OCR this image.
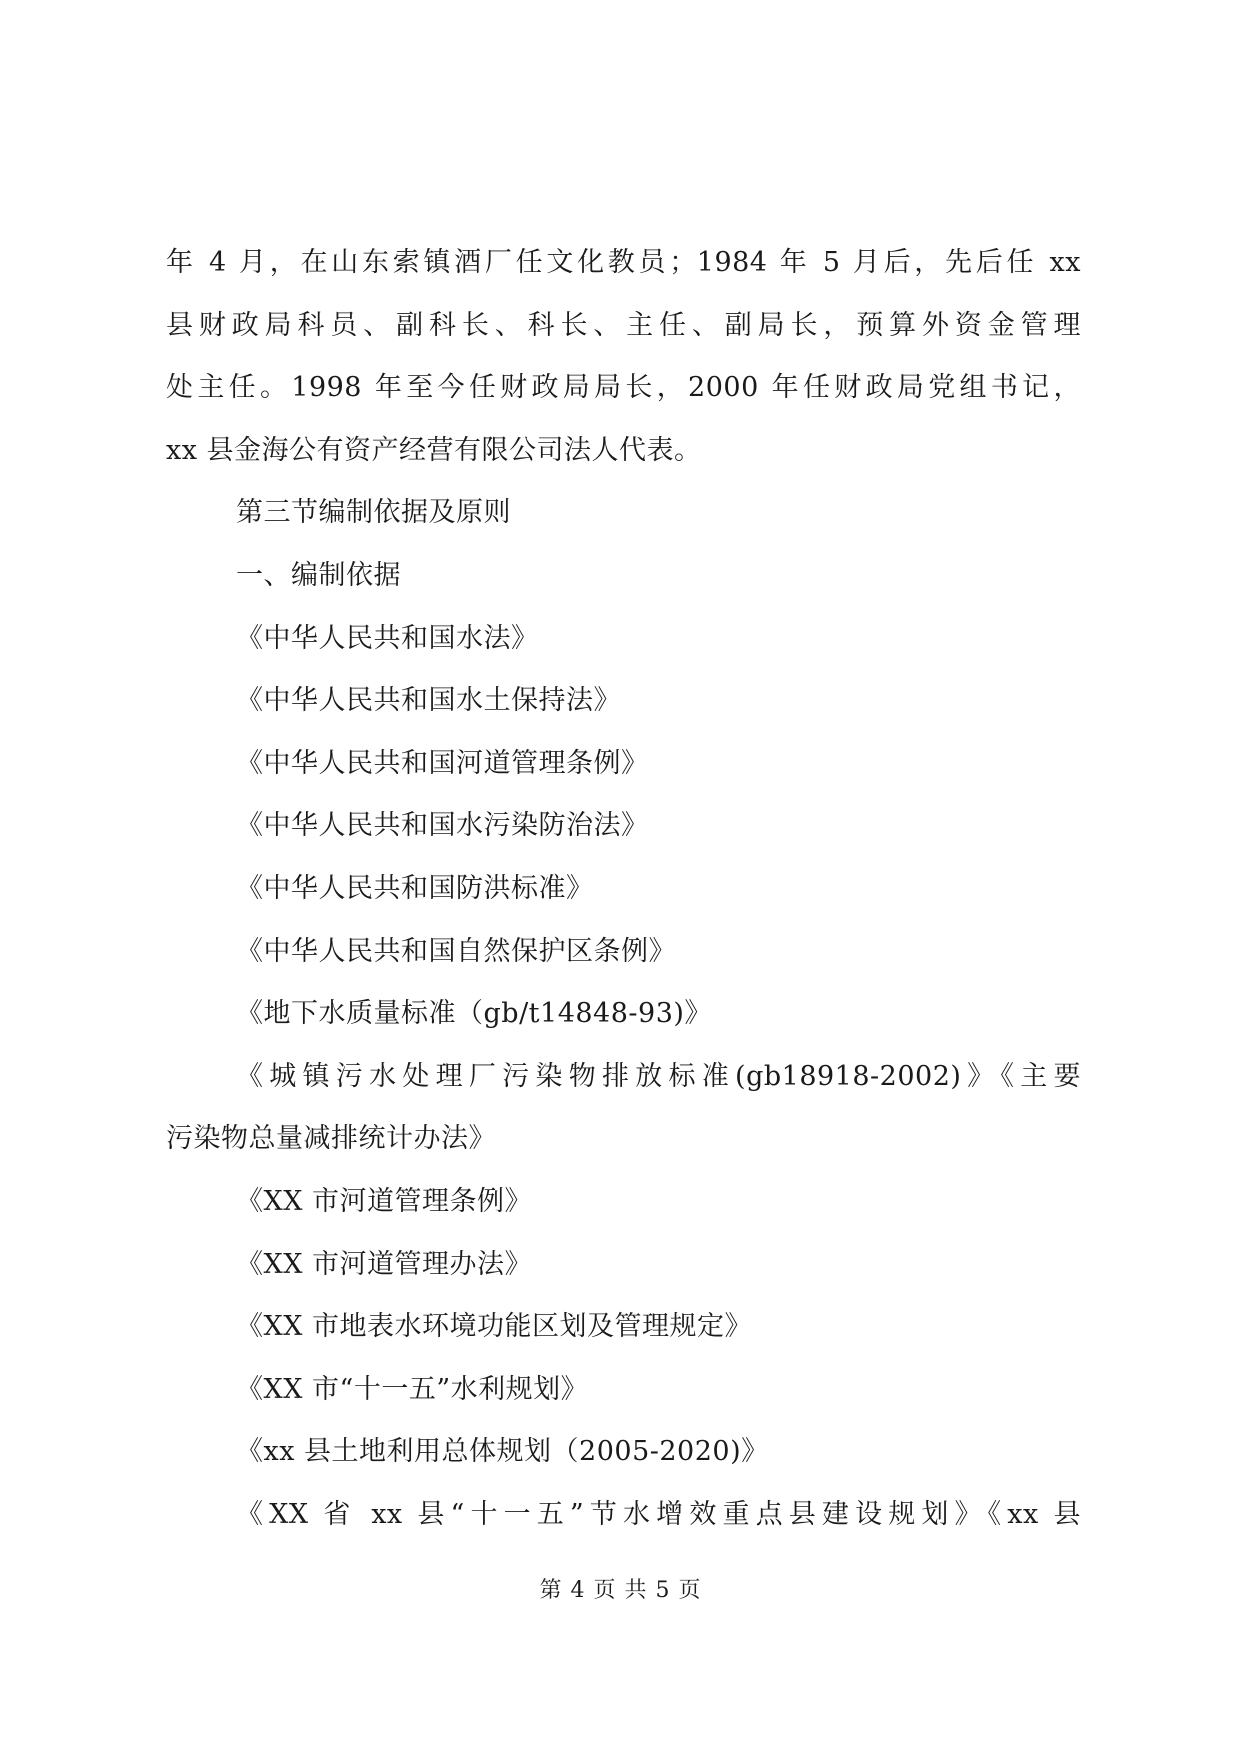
年 4 月，在山东索镇酒厂任文化教员；1984 年 5 月后，先后任 xx
县财政局科员、副科长、科长、主任、副局长，预算外资金管理
处主任。1998 年至今任财政局局长，2000 年任财政局党组书记，
xx 县金海公有资产经营有限公司法人代表。
第三节编制依据及原则
一、编制依据
《中华人民共和国水法》
《中华人民共和国水土保持法》
《中华人民共和国河道管理条例》
《中华人民共和国水污染防治法》
《中华人民共和国防洪标准》
《中华人民共和国自然保护区条例》
《地下水质量标准（gb/t14848-93)》
《城镇污水处理厂污染物排放标准(gb18918-2002)》《主要
污染物总量减排统计办法》
《XX 市河道管理条例》
《XX 市河道管理办法》
《XX 市地表水环境功能区划及管理规定》
《XX 市“十一五”水利规划》
《xx 县土地利用总体规划（2005-2020)》
《XX 省 xx 县“十一五”节水增效重点县建设规划》《xx 县
第 4 页 共 5 页
